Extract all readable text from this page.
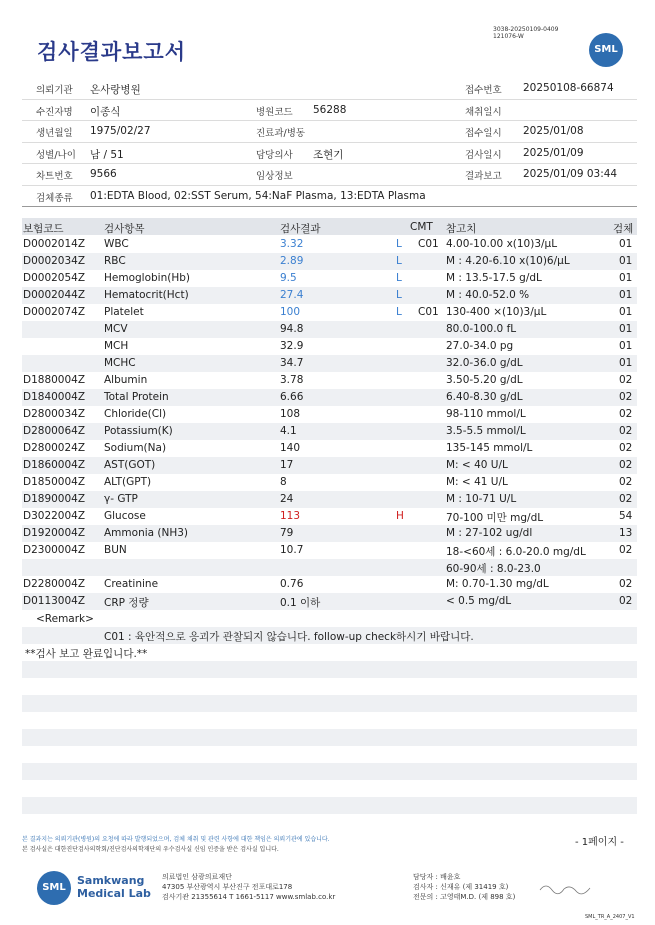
3038-20250109-0409
121076-W
검사결과보고서	SML
의뢰기관 온사랑병원	접수번호 20250108-66874
수진자명 이종식	병원코드 56288	채취일시
생년월일 1975/02/27	진료과/병동	접수일시 2025/01/08
성별/나이 남 / 51	담당의사 조현기	검사일시 2025/01/09
차트번호 9566	임상정보	결과보고 2025/01/09 03:44
검체종류 01:EDTA Blood, 02:SST Serum, 54:NaF Plasma, 13:EDTA Plasma
보험코드	검사항목	검사결과	CMT 참고치	검체
D0002014Z WBC	3.32	L C01 4.00-10.00 x(10)3/μL	01
D0002034Z RBC	2.89	L	M : 4.20-6.10 x(10)6/μL	01
D0002054Z Hemoglobin(Hb)	9.5	L	M : 13.5-17.5 g/dL	01
D0002044Z Hematocrit(Hct)	27.4	L	M : 40.0-52.0 %	01
D0002074Z Platelet	100	L C01 130-400 ×(10)3/μL	01
MCV	94.8	80.0-100.0 fL	01
MCH	32.9	27.0-34.0 pg	01
MCHC	34.7	32.0-36.0 g/dL	01
D1880004Z Albumin	3.78	3.50-5.20 g/dL	02
D1840004Z Total Protein	6.66	6.40-8.30 g/dL	02
D2800034Z Chloride(Cl)	108	98-110 mmol/L	02
D2800064Z Potassium(K)	4.1	3.5-5.5 mmol/L	02
D2800024Z Sodium(Na)	140	135-145 mmol/L	02
D1860004Z AST(GOT)	17	M: < 40 U/L	02
D1850004Z ALT(GPT)	8	M: < 41 U/L	02
D1890004Z γ- GTP	24	M : 10-71 U/L	02
D3022004Z Glucose	113	H	70-100 미만 mg/dL	54
D1920004Z Ammonia (NH3)	79	M : 27-102 ug/dl	13
D2300004Z BUN	10.7	18-<60세 : 6.0-20.0 mg/dL	02
60-90세 : 8.0-23.0
D2280004Z Creatinine	0.76	M: 0.70-1.30 mg/dL	02
D0113004Z CRP 정량	0.1 이하	< 0.5 mg/dL	02
<Remark>
C01 : 육안적으로 응괴가 관찰되지 않습니다. follow-up check하시기 바랍니다.
**검사 보고 완료입니다.**
- 1페이지 -
본 결과지는 의뢰기관(병원)의 요청에 따라 발행되었으며, 검체 채취 및 관련 사항에 대한 책임은 의뢰기관에 있습니다.
본 검사실은 대한진단검사의학회/진단검사의학재단의 우수검사실 신임 인증을 받은 검사실 입니다.
SML
Samkwang
Medical Lab
의료법인 삼광의료재단
47305 부산광역시 부산진구 전포대로178
검사기관 21355614 T 1661-5117 www.smlab.co.kr
담당자 : 배윤호
검사자 : 신재유 (제 31419 호)
전문의 : 고영태M.D. (제 898 호)
SML_TR_A_2407_V1
